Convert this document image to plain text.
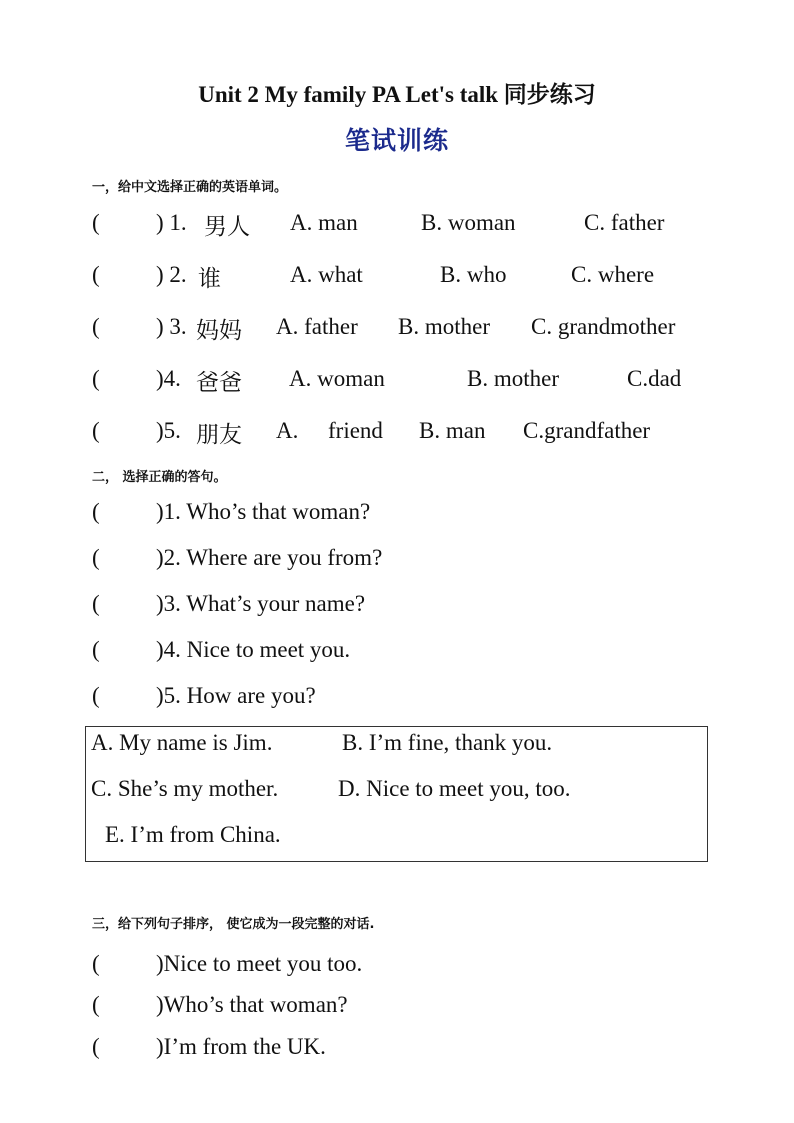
Unit 2 My family PA Let's talk 同步练习
笔试训练
一，给中文选择正确的英语单词。
( ) 1. 男人 A. man	B. woman	C. father
( ) 2. 谁	A. what	B. who	C. where
( ) 3. 妈妈 A. father B. mother C. grandmother
( )4. 爸爸 A. woman	B. mother	C.dad
( )5. 朋友 A. friend B. man C.grandfather
二， 选择正确的答句。
( )1. Who’s that woman?
( )2. Where are you from?
( )3. What’s your name?
( )4. Nice to meet you.
( )5. How are you?
A. My name is Jim.	B. I’m fine, thank you.
C. She’s my mother.	D. Nice to meet you, too.
E. I’m from China.
三，给下列句子排序， 使它成为一段完整的对话.
( )Nice to meet you too.
( )Who’s that woman?
( )I’m from the UK.
